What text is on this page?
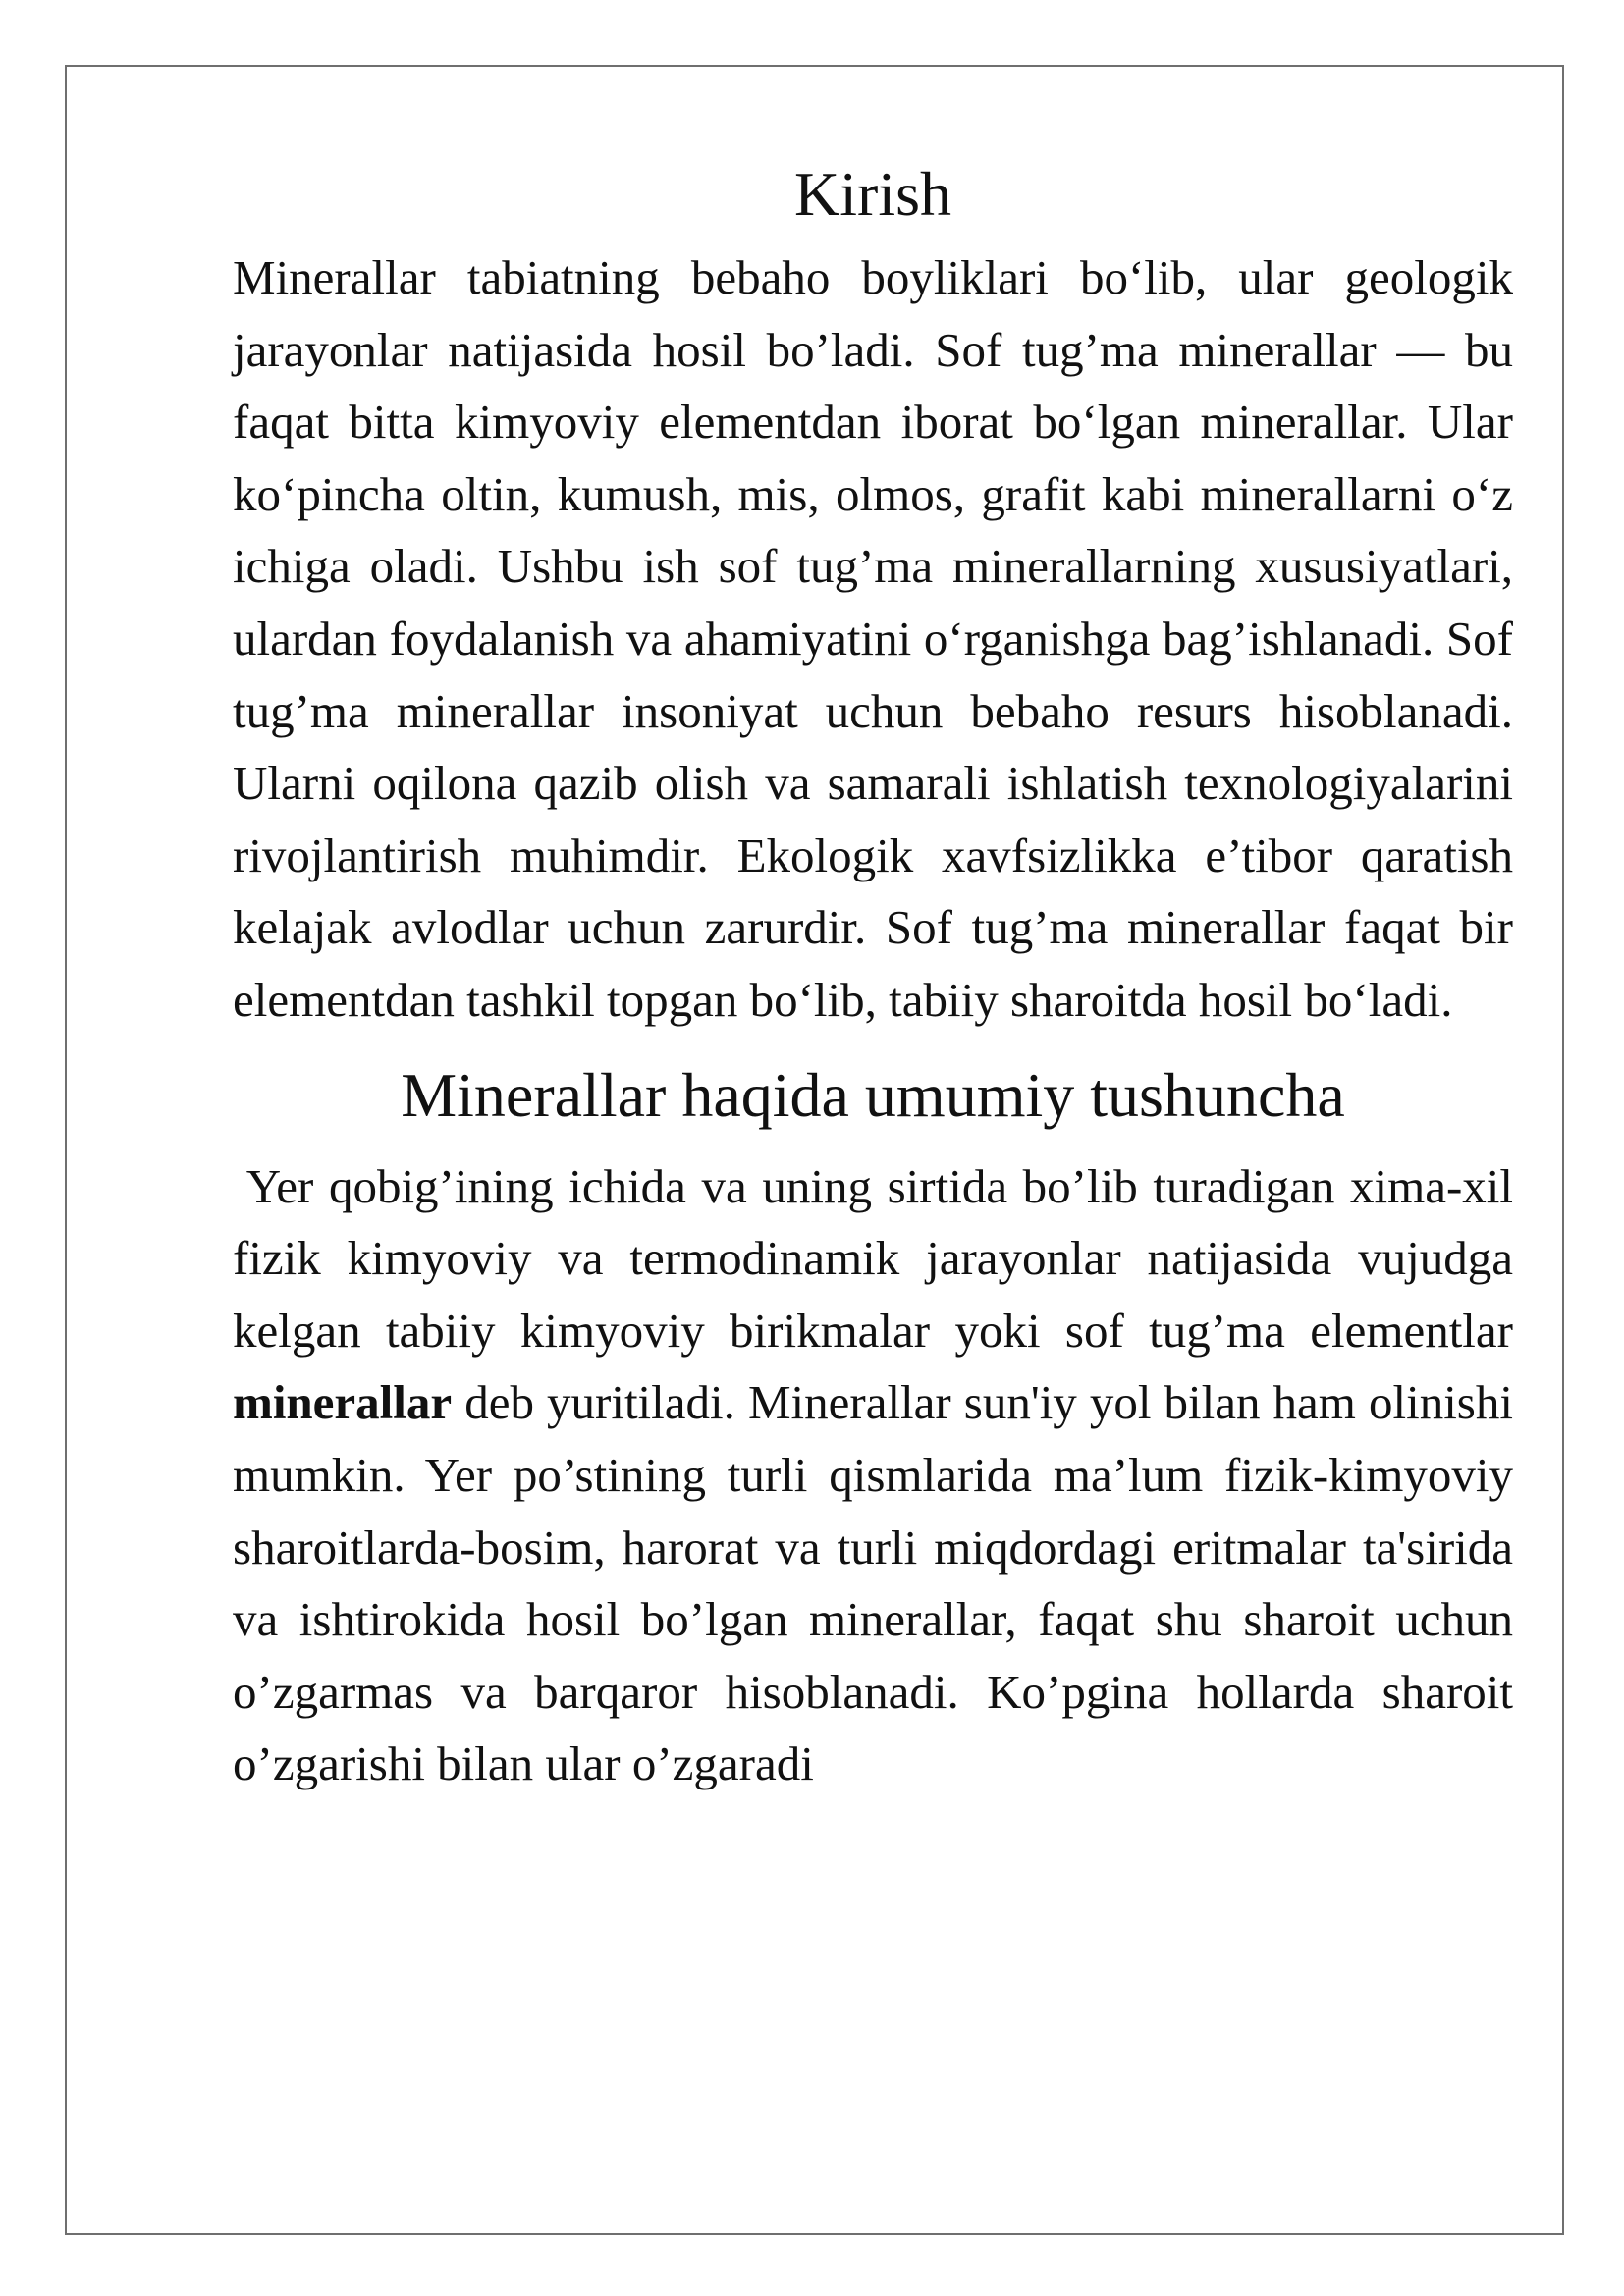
Kirish

Minerallar tabiatning bebaho boyliklari bo‘lib, ular geologik jarayonlar natijasida hosil bo’ladi. Sof tug’ma minerallar — bu faqat bitta kimyoviy elementdan iborat bo‘lgan minerallar. Ular ko‘pincha oltin, kumush, mis, olmos, grafit kabi minerallarni o‘z ichiga oladi. Ushbu ish sof tug’ma minerallarning xususiyatlari, ulardan foydalanish va ahamiyatini o‘rganishga bag’ishlanadi. Sof tug’ma minerallar insoniyat uchun bebaho resurs hisoblanadi. Ularni oqilona qazib olish va samarali ishlatish texnologiyalarini rivojlantirish muhimdir. Ekologik xavfsizlikka e’tibor qaratish kelajak avlodlar uchun zarurdir. Sof tug’ma minerallar faqat bir elementdan tashkil topgan bo‘lib, tabiiy sharoitda hosil bo‘ladi.

Minerallar haqida umumiy tushuncha

Yer qobig’ining ichida va uning sirtida bo’lib turadigan xima-xil fizik kimyoviy va termodinamik jarayonlar natijasida vujudga kelgan tabiiy kimyoviy birikmalar yoki sof tug’ma elementlar minerallar deb yuritiladi. Minerallar sun'iy yol bilan ham olinishi mumkin. Yer po’stining turli qismlarida ma’lum fizik-kimyoviy sharoitlarda-bosim, harorat va turli miqdordagi eritmalar ta'sirida va ishtirokida hosil bo’lgan minerallar, faqat shu sharoit uchun o’zgarmas va barqaror hisoblanadi. Ko’pgina hollarda sharoit o’zgarishi bilan ular o’zgaradi
